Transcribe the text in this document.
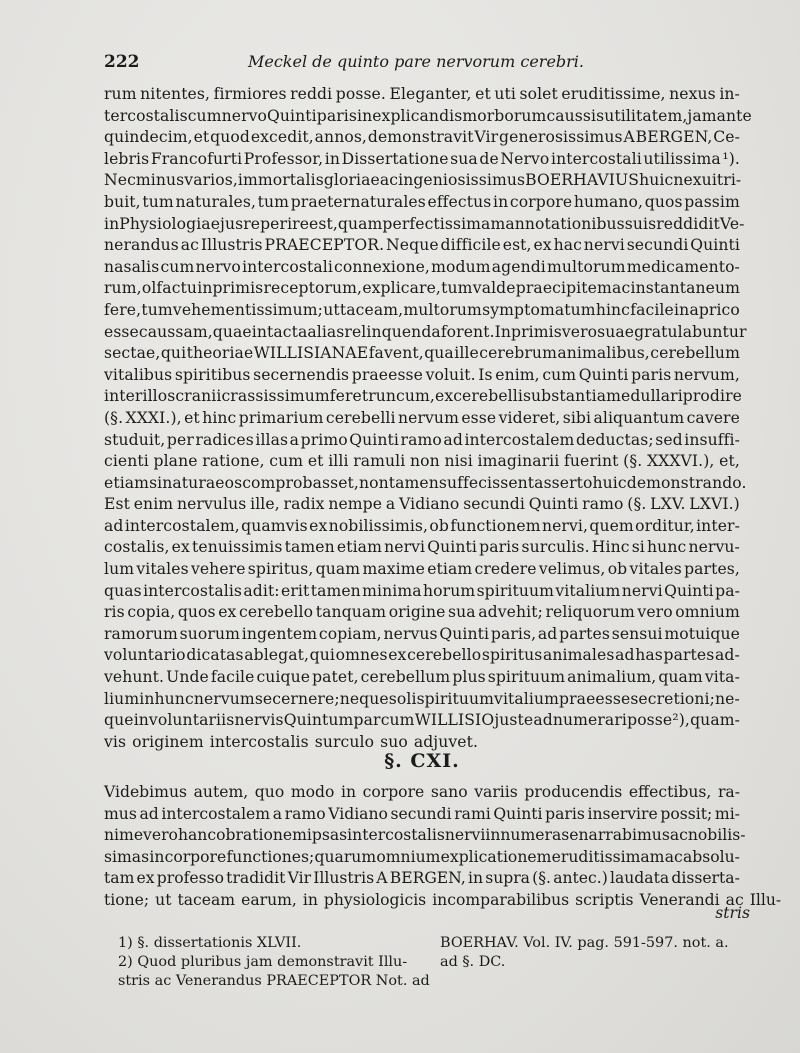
222	Meckel de quinto pare nervorum cerebri.
rum nitentes, firmiores reddi posse. Eleganter, et uti solet eruditissime, nexus in-
tercostalis cum nervo Quinti paris in explicandis morborum caussis utilitatem, jam ante
quindecim, et quod excedit, annos, demonstravit Vir generosissimus A BERGEN, Ce-
lebris Francofurti Professor, in Dissertatione sua de Nervo intercostali utilissima ¹).
Nec minus varios, immortalis gloriae ac ingeniosissimus BOERHAVIUS huic nexui tri-
buit, tum naturales, tum praeternaturales effectus in corpore humano, quos passim
in Physiologia ejus reperire est, quam perfectissimam annotationibus suis reddidit Ve-
nerandus ac Illustris PRAECEPTOR. Neque difficile est, ex hac nervi secundi Quinti
nasalis cum nervo intercostali connexione, modum agendi multorum medicamento-
rum, olfactu inprimis receptorum, explicare, tum valde praecipitem ac instantaneum
fere, tum vehementissimum; ut taceam, multorum symptomatum hinc facile in aprico
esse caussam, quae intacta alias relinquenda forent. Inprimis vero suae gratulabuntur
sectae, qui theoriae WILLISIANAE favent, qua ille cerebrum animalibus, cerebellum
vitalibus spiritibus secernendis praeesse voluit. Is enim, cum Quinti paris nervum,
inter illos cranii crassissimum fere truncum, ex cerebelli substantia medullari prodire
(§. XXXI.), et hinc primarium cerebelli nervum esse videret, sibi aliquantum cavere
studuit, per radices illas a primo Quinti ramo ad intercostalem deductas; sed insuffi-
cienti plane ratione, cum et illi ramuli non nisi imaginarii fuerint (§. XXXVI.), et,
etiamsi natura eos comprobasset, non tamen suffecissent asserto huic demonstrando.
Est enim nervulus ille, radix nempe a Vidiano secundi Quinti ramo (§. LXV. LXVI.)
ad intercostalem, quamvis ex nobilissimis, ob functionem nervi, quem orditur, inter-
costalis, ex tenuissimis tamen etiam nervi Quinti paris surculis. Hinc si hunc nervu-
lum vitales vehere spiritus, quam maxime etiam credere velimus, ob vitales partes,
quas intercostalis adit: erit tamen minima horum spirituum vitalium nervi Quinti pa-
ris copia, quos ex cerebello tanquam origine sua advehit; reliquorum vero omnium
ramorum suorum ingentem copiam, nervus Quinti paris, ad partes sensui motuique
voluntario dicatas ablegat, qui omnes ex cerebello spiritus animales ad has partes ad-
vehunt. Unde facile cuique patet, cerebellum plus spirituum animalium, quam vita-
lium in hunc nervum secernere; neque soli spirituum vitalium praeesse secretioni; ne-
que involuntariis nervis Quintum par cum WILLISIO juste adnumerari posse ²), quam-
vis originem intercostalis surculo suo adjuvet.
§. CXI.
Videbimus autem, quo modo in corpore sano variis producendis effectibus, ra-
mus ad intercostalem a ramo Vidiano secundi rami Quinti paris inservire possit; mi-
nime vero hanc ob rationem ipsas intercostalis nervi innumeras enarrabimus ac nobilis-
simas in corpore functiones; quarum omnium explicationem eruditissimam ac absolu-
tam ex professo tradidit Vir Illustris A BERGEN, in supra (§. antec.) laudata disserta-
tione; ut taceam earum, in physiologicis incomparabilibus scriptis Venerandi ac Illu-
stris
1) §. dissertationis XLVII.
2) Quod pluribus jam demonstravit Illu-
stris ac Venerandus PRAECEPTOR Not. ad
BOERHAV. Vol. IV. pag. 591-597. not. a.
ad §. DC.
